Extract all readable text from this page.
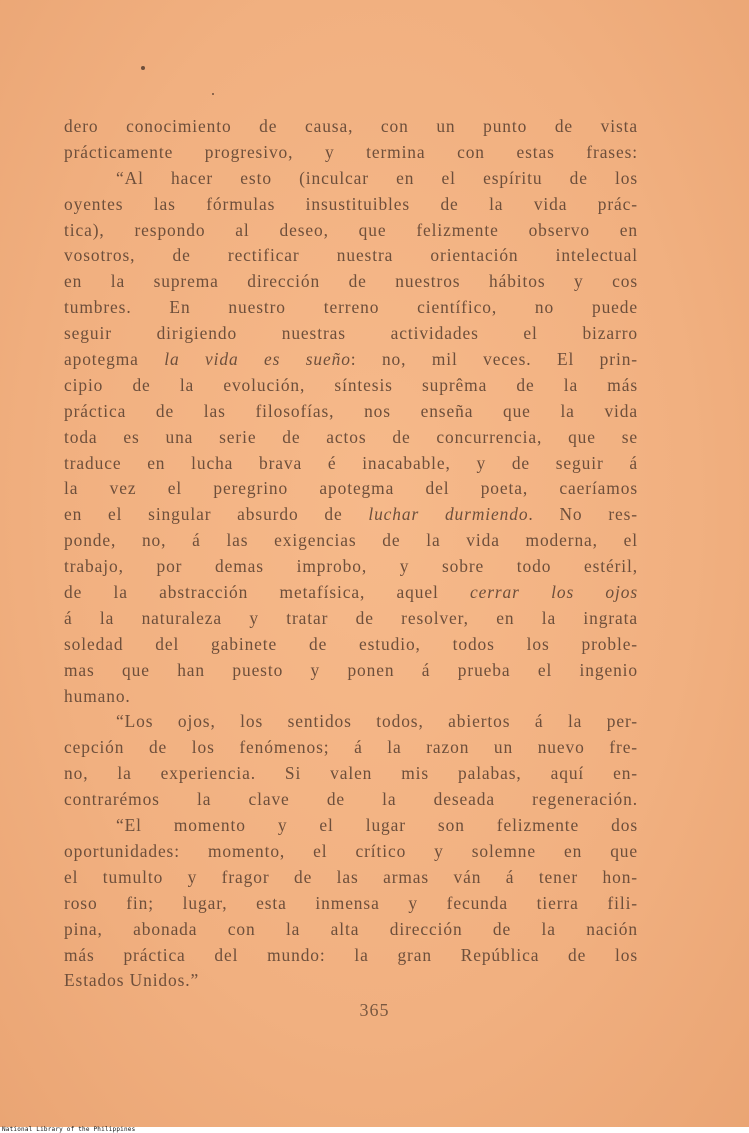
dero conocimiento de causa, con un punto de vista
prácticamente progresivo, y termina con estas frases:
“Al hacer esto (inculcar en el espíritu de los
oyentes las fórmulas insustituibles de la vida prác-
tica), respondo al deseo, que felizmente observo en
vosotros, de rectificar nuestra orientación intelectual
en la suprema dirección de nuestros hábitos y cos
tumbres. En nuestro terreno científico, no puede
seguir dirigiendo nuestras actividades el bizarro
apotegma la vida es sueño: no, mil veces. El prin-
cipio de la evolución, síntesis suprêma de la más
práctica de las filosofías, nos enseña que la vida
toda es una serie de actos de concurrencia, que se
traduce en lucha brava é inacabable, y de seguir á
la vez el peregrino apotegma del poeta, caeríamos
en el singular absurdo de luchar durmiendo. No res-
ponde, no, á las exigencias de la vida moderna, el
trabajo, por demas improbo, y sobre todo estéril,
de la abstracción metafísica, aquel cerrar los ojos
á la naturaleza y tratar de resolver, en la ingrata
soledad del gabinete de estudio, todos los proble-
mas que han puesto y ponen á prueba el ingenio
humano.
“Los ojos, los sentidos todos, abiertos á la per-
cepción de los fenómenos; á la razon un nuevo fre-
no, la experiencia. Si valen mis palabas, aquí en-
contrarémos la clave de la deseada regeneración.
“El momento y el lugar son felizmente dos
oportunidades: momento, el crítico y solemne en que
el tumulto y fragor de las armas ván á tener hon-
roso fin; lugar, esta inmensa y fecunda tierra fili-
pina, abonada con la alta dirección de la nación
más práctica del mundo: la gran República de los
Estados Unidos.”
365
National Library of the Philippines
